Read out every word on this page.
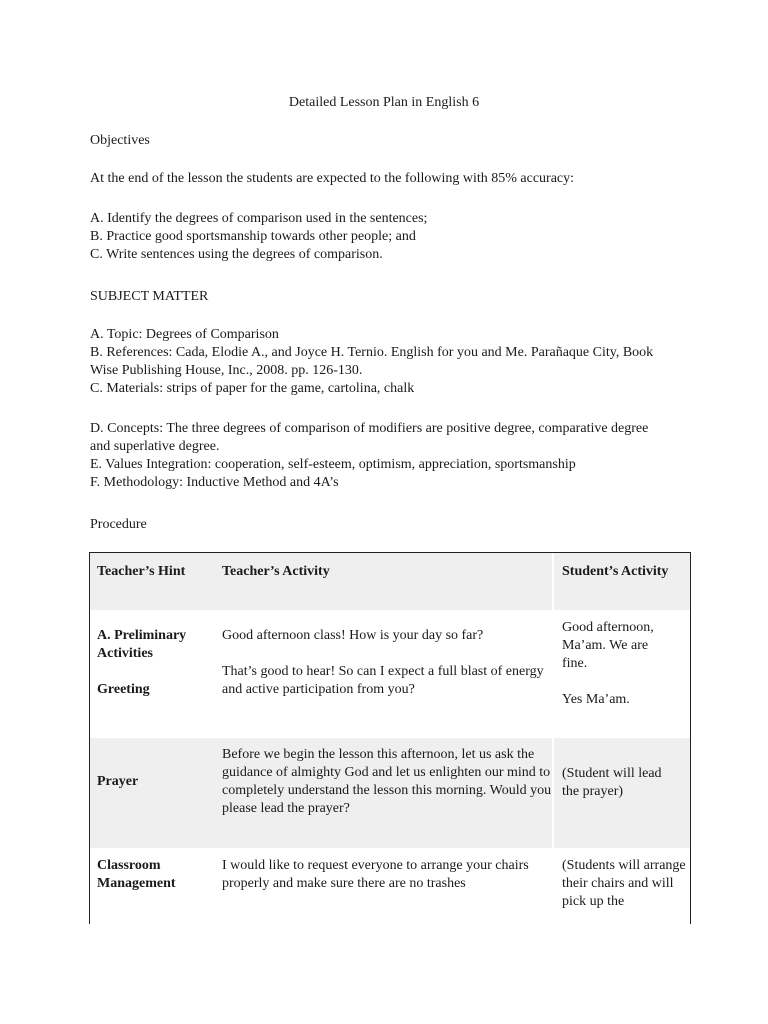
Detailed Lesson Plan in English 6
Objectives
At the end of the lesson the students are expected to the following with 85% accuracy:

A. Identify the degrees of comparison used in the sentences;

B. Practice good sportsmanship towards other people; and

C. Write sentences using the degrees of comparison.

SUBJECT MATTER

A. Topic: Degrees of Comparison

B. References: Cada, Elodie A., and Joyce H. Ternio. English for you and Me. Parañaque City, Book Wise Publishing House, Inc., 2008. pp. 126-130.

C. Materials: strips of paper for the game, cartolina, chalk

D. Concepts: The three degrees of comparison of modifiers are positive degree, comparative degree and superlative degree.

E. Values Integration: cooperation, self-esteem, optimism, appreciation, sportsmanship

F. Methodology: Inductive Method and 4A’s

Procedure
Teacher’s Hint	Teacher’s Activity	Student’s Activity
A. Preliminary Activities
Greeting
Good afternoon class! How is your day so far?
That’s good to hear! So can I expect a full blast of energy and active participation from you?
Good afternoon, Ma’am. We are fine.
Yes Ma’am.
Prayer
Before we begin the lesson this afternoon, let us ask the guidance of almighty God and let us enlighten our mind to completely understand the lesson this morning. Would you please lead the prayer?
(Student will lead the prayer)
Classroom Management
I would like to request everyone to arrange your chairs properly and make sure there are no trashes
(Students will arrange their chairs and will pick up the
